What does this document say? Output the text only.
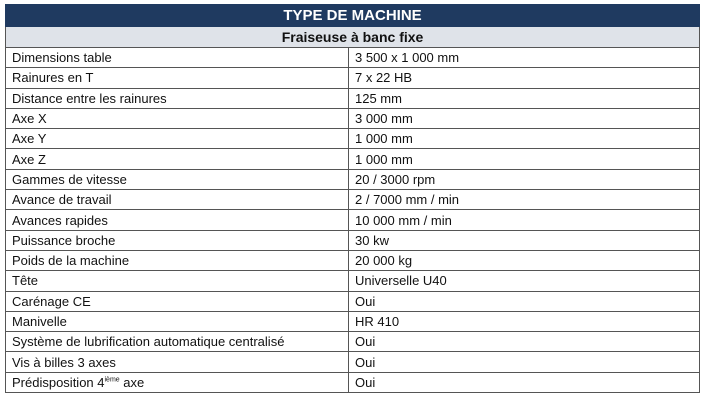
TYPE DE MACHINE	
Fraiseuse à banc fixe	
Dimensions table	3 500 x 1 000 mm
Rainures en T	7 x 22 HB
Distance entre les rainures	125 mm
Axe X	3 000 mm
Axe Y	1 000 mm
Axe Z	1 000 mm
Gammes de vitesse	20 / 3000 rpm
Avance de travail	2 / 7000 mm / min
Avances rapides	10 000 mm / min
Puissance broche	30 kw
Poids de la machine	20 000 kg
Tête	Universelle U40
Carénage CE	Oui
Manivelle	HR 410
Système de lubrification automatique centralisé	Oui
Vis à billes 3 axes	Oui
Prédisposition 4ième axe	Oui
